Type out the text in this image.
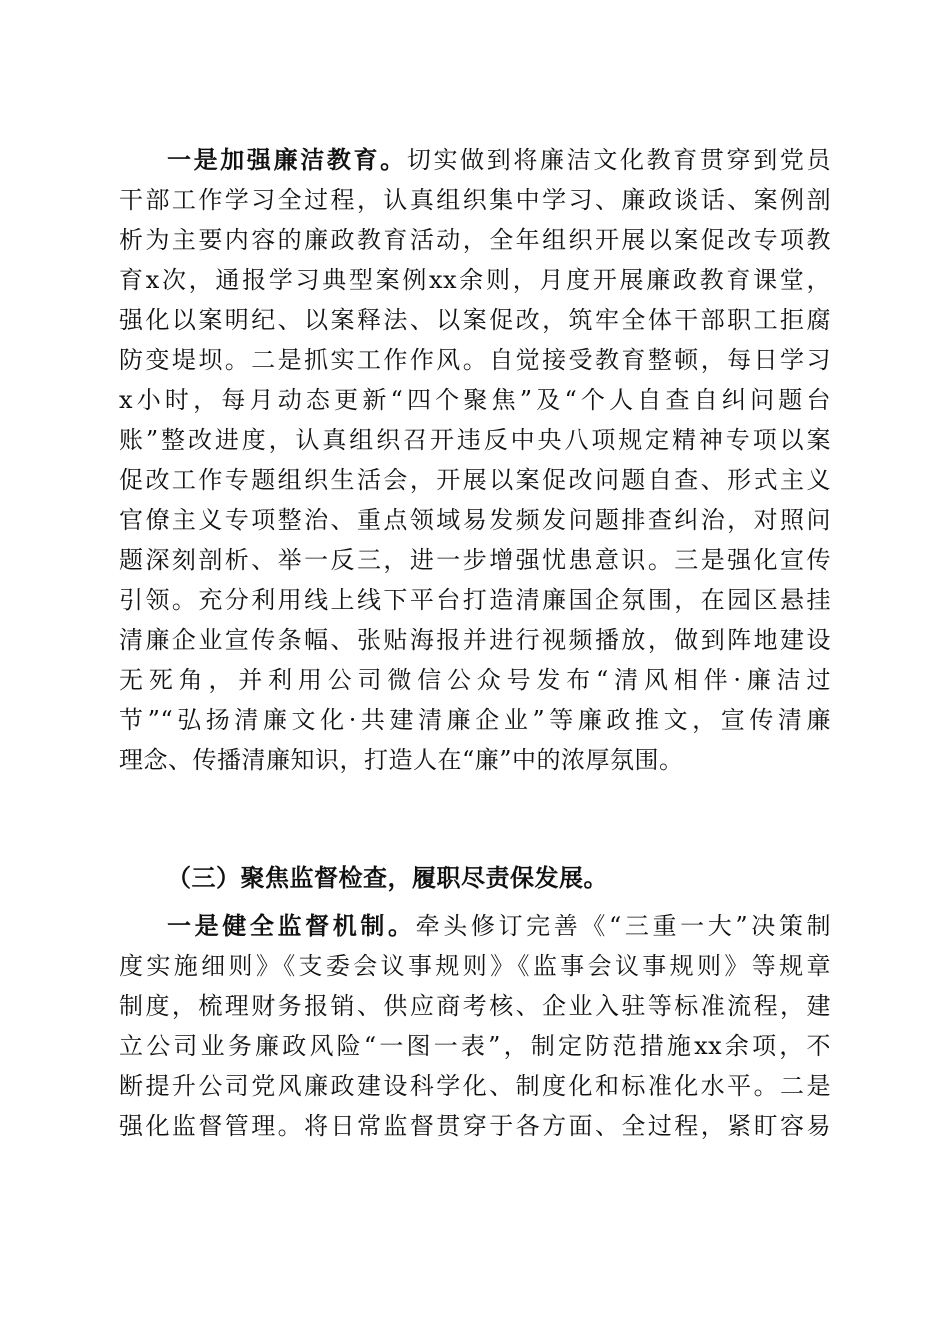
一是加强廉洁教育。切实做到将廉洁文化教育贯穿到党员
干部工作学习全过程，认真组织集中学习、廉政谈话、案例剖
析为主要内容的廉政教育活动，全年组织开展以案促改专项教
育x次，通报学习典型案例xx余则，月度开展廉政教育课堂，
强化以案明纪、以案释法、以案促改，筑牢全体干部职工拒腐
防变堤坝。二是抓实工作作风。自觉接受教育整顿，每日学习
x小时，每月动态更新“四个聚焦”及“个人自查自纠问题台
账”整改进度，认真组织召开违反中央八项规定精神专项以案
促改工作专题组织生活会，开展以案促改问题自查、形式主义
官僚主义专项整治、重点领域易发频发问题排查纠治，对照问
题深刻剖析、举一反三，进一步增强忧患意识。三是强化宣传
引领。充分利用线上线下平台打造清廉国企氛围，在园区悬挂
清廉企业宣传条幅、张贴海报并进行视频播放，做到阵地建设
无死角，并利用公司微信公众号发布“清风相伴·廉洁过
节”“弘扬清廉文化·共建清廉企业”等廉政推文，宣传清廉
理念、传播清廉知识，打造人在“廉”中的浓厚氛围。
（三）聚焦监督检查，履职尽责保发展。
一是健全监督机制。牵头修订完善《“三重一大”决策制
度实施细则》《支委会议事规则》《监事会议事规则》等规章
制度，梳理财务报销、供应商考核、企业入驻等标准流程，建
立公司业务廉政风险“一图一表”，制定防范措施xx余项，不
断提升公司党风廉政建设科学化、制度化和标准化水平。二是
强化监督管理。将日常监督贯穿于各方面、全过程，紧盯容易
